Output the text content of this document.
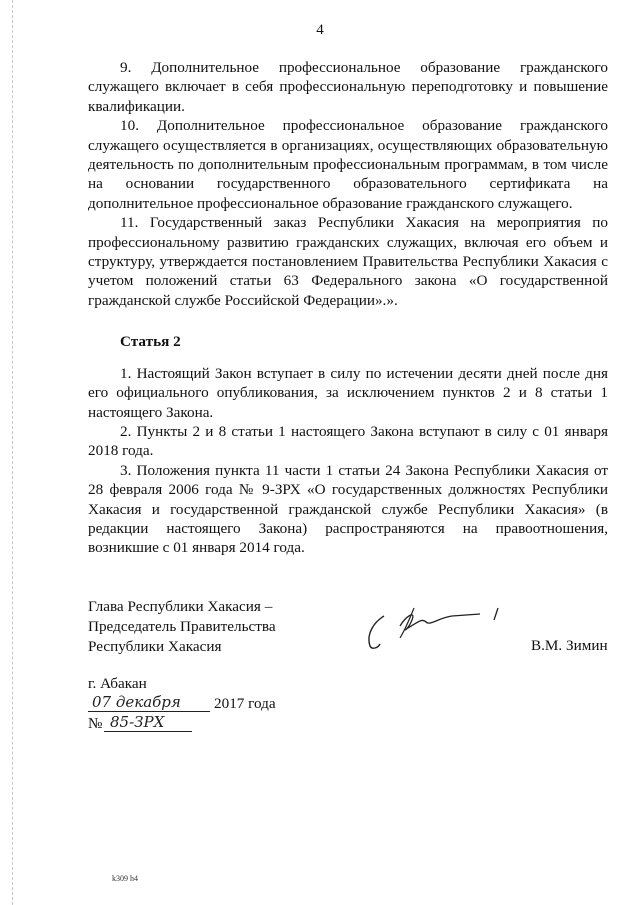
4

9. Дополнительное профессиональное образование гражданского служащего включает в себя профессиональную переподготовку и повышение квалификации.

10. Дополнительное профессиональное образование гражданского служащего осуществляется в организациях, осуществляющих образовательную деятельность по дополнительным профессиональным программам, в том числе на основании государственного образовательного сертификата на дополнительное профессиональное образование гражданского служащего.

11. Государственный заказ Республики Хакасия на мероприятия по профессиональному развитию гражданских служащих, включая его объем и структуру, утверждается постановлением Правительства Республики Хакасия с учетом положений статьи 63 Федерального закона «О государственной гражданской службе Российской Федерации».».

Статья 2

1. Настоящий Закон вступает в силу по истечении десяти дней после дня его официального опубликования, за исключением пунктов 2 и 8 статьи 1 настоящего Закона.

2. Пункты 2 и 8 статьи 1 настоящего Закона вступают в силу с 01 января 2018 года.

3. Положения пункта 11 части 1 статьи 24 Закона Республики Хакасия от 28 февраля 2006 года № 9-ЗРХ «О государственных должностях Республики Хакасия и государственной гражданской службе Республики Хакасия» (в редакции настоящего Закона) распространяются на правоотношения, возникшие с 01 января 2014 года.

Глава Республики Хакасия –
Председатель Правительства
Республики Хакасия	В.М. Зимин
г. Абакан
07 декабря 2017 года
№ 85-ЗРХ
k309 h4
